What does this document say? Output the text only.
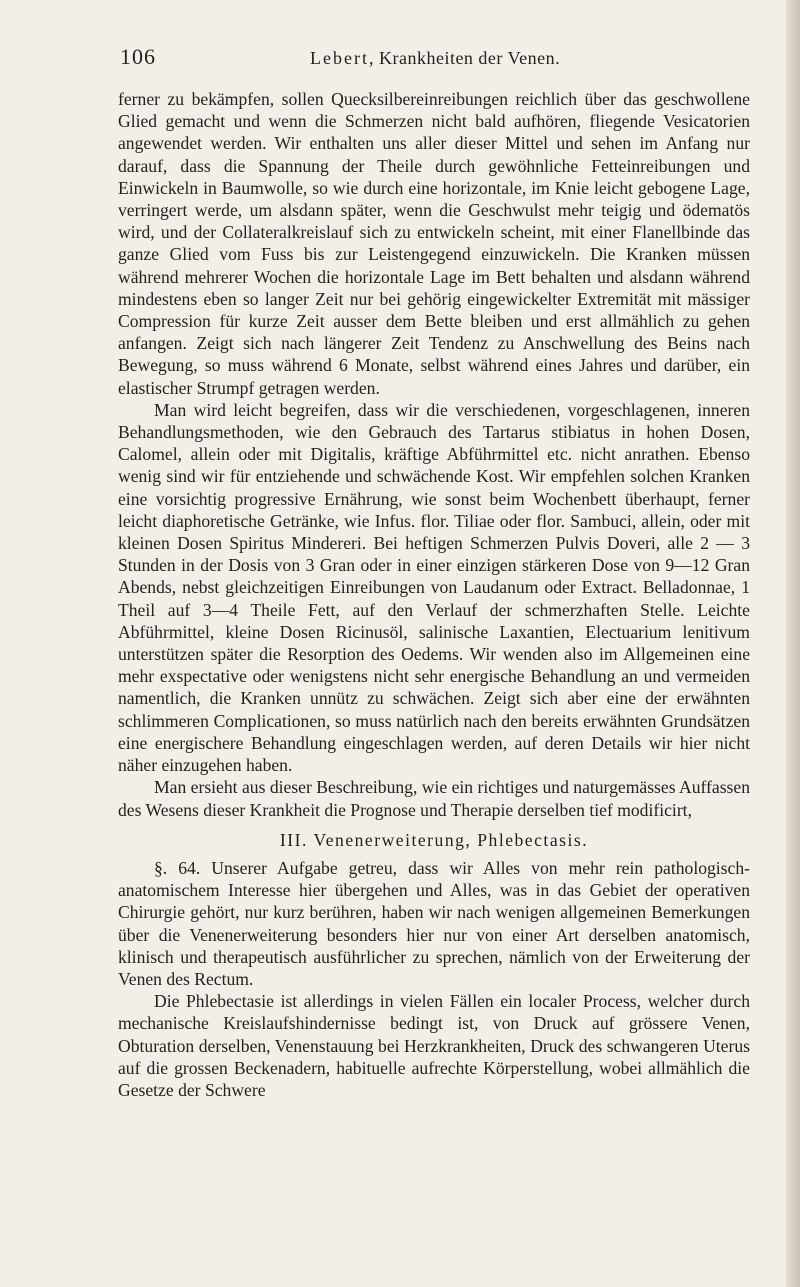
106	Lebert, Krankheiten der Venen.

ferner zu bekämpfen, sollen Quecksilbereinreibungen reichlich über das geschwollene Glied gemacht und wenn die Schmerzen nicht bald aufhören, fliegende Vesicatorien angewendet werden. Wir enthalten uns aller dieser Mittel und sehen im Anfang nur darauf, dass die Spannung der Theile durch gewöhnliche Fetteinreibungen und Einwickeln in Baumwolle, so wie durch eine horizontale, im Knie leicht gebogene Lage, verringert werde, um alsdann später, wenn die Geschwulst mehr teigig und ödematös wird, und der Collateralkreislauf sich zu entwickeln scheint, mit einer Flanellbinde das ganze Glied vom Fuss bis zur Leistengegend einzuwickeln. Die Kranken müssen während mehrerer Wochen die horizontale Lage im Bett behalten und alsdann während mindestens eben so langer Zeit nur bei gehörig eingewickelter Extremität mit mässiger Compression für kurze Zeit ausser dem Bette bleiben und erst allmählich zu gehen anfangen. Zeigt sich nach längerer Zeit Tendenz zu Anschwellung des Beins nach Bewegung, so muss während 6 Monate, selbst während eines Jahres und darüber, ein elastischer Strumpf getragen werden.

Man wird leicht begreifen, dass wir die verschiedenen, vorgeschlagenen, inneren Behandlungsmethoden, wie den Gebrauch des Tartarus stibiatus in hohen Dosen, Calomel, allein oder mit Digitalis, kräftige Abführmittel etc. nicht anrathen. Ebenso wenig sind wir für entziehende und schwächende Kost. Wir empfehlen solchen Kranken eine vorsichtig progressive Ernährung, wie sonst beim Wochenbett überhaupt, ferner leicht diaphoretische Getränke, wie Infus. flor. Tiliae oder flor. Sambuci, allein, oder mit kleinen Dosen Spiritus Mindereri. Bei heftigen Schmerzen Pulvis Doveri, alle 2 — 3 Stunden in der Dosis von 3 Gran oder in einer einzigen stärkeren Dose von 9—12 Gran Abends, nebst gleichzeitigen Einreibungen von Laudanum oder Extract. Belladonnae, 1 Theil auf 3—4 Theile Fett, auf den Verlauf der schmerzhaften Stelle. Leichte Abführmittel, kleine Dosen Ricinusöl, salinische Laxantien, Electuarium lenitivum unterstützen später die Resorption des Oedems. Wir wenden also im Allgemeinen eine mehr exspectative oder wenigstens nicht sehr energische Behandlung an und vermeiden namentlich, die Kranken unnütz zu schwächen. Zeigt sich aber eine der erwähnten schlimmeren Complicationen, so muss natürlich nach den bereits erwähnten Grundsätzen eine energischere Behandlung eingeschlagen werden, auf deren Details wir hier nicht näher einzugehen haben.

Man ersieht aus dieser Beschreibung, wie ein richtiges und naturgemässes Auffassen des Wesens dieser Krankheit die Prognose und Therapie derselben tief modificirt,

III. Venenerweiterung, Phlebectasis.

§. 64. Unserer Aufgabe getreu, dass wir Alles von mehr rein pathologisch-anatomischem Interesse hier übergehen und Alles, was in das Gebiet der operativen Chirurgie gehört, nur kurz berühren, haben wir nach wenigen allgemeinen Bemerkungen über die Venenerweiterung besonders hier nur von einer Art derselben anatomisch, klinisch und therapeutisch ausführlicher zu sprechen, nämlich von der Erweiterung der Venen des Rectum.

Die Phlebectasie ist allerdings in vielen Fällen ein localer Process, welcher durch mechanische Kreislaufshindernisse bedingt ist, von Druck auf grössere Venen, Obturation derselben, Venenstauung bei Herzkrankheiten, Druck des schwangeren Uterus auf die grossen Beckenadern, habituelle aufrechte Körperstellung, wobei allmählich die Gesetze der Schwere
